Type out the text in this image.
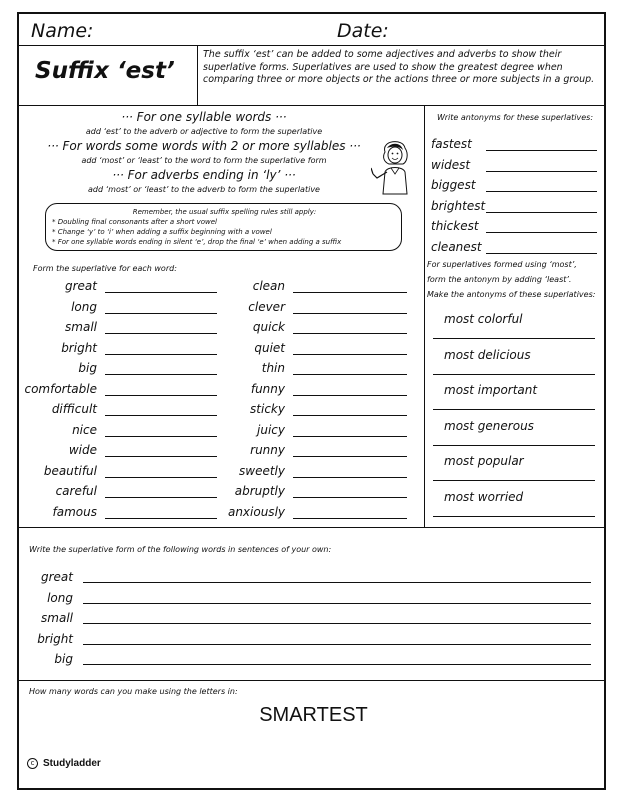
Name:	Date:
Suffix ‘est’
The suffix ‘est’ can be added to some adjectives and adverbs to show their superlative forms. Superlatives are used to show the greatest degree when comparing three or more objects or the actions three or more subjects in a group.
··· For one syllable words ···
add ‘est’ to the adverb or adjective to form the superlative
··· For words some words with 2 or more syllables ···
add ‘most’ or ‘least’ to the word to form the superlative form
··· For adverbs ending in ‘ly’ ···
add ‘most’ or ‘least’ to the adverb to form the superlative
Remember, the usual suffix spelling rules still apply:
* Doubling final consonants after a short vowel
* Change ‘y’ to ‘i’ when adding a suffix beginning with a vowel
* For one syllable words ending in silent ‘e’, drop the final ‘e’ when adding a suffix
Form the superlative for each word:
great
long
small
bright
big
comfortable
difficult
nice
wide
beautiful
careful
famous
clean
clever
quick
quiet
thin
funny
sticky
juicy
runny
sweetly
abruptly
anxiously
Write antonyms for these superlatives:
fastest
widest
biggest
brightest
thickest
cleanest
For superlatives formed using ‘most’,
form the antonym by adding ‘least’.
Make the antonyms of these superlatives:
most colorful
most delicious
most important
most generous
most popular
most worried
Write the superlative form of the following words in sentences of your own:
great
long
small
bright
big
How many words can you make using the letters in:
SMARTEST
c Studyladder
